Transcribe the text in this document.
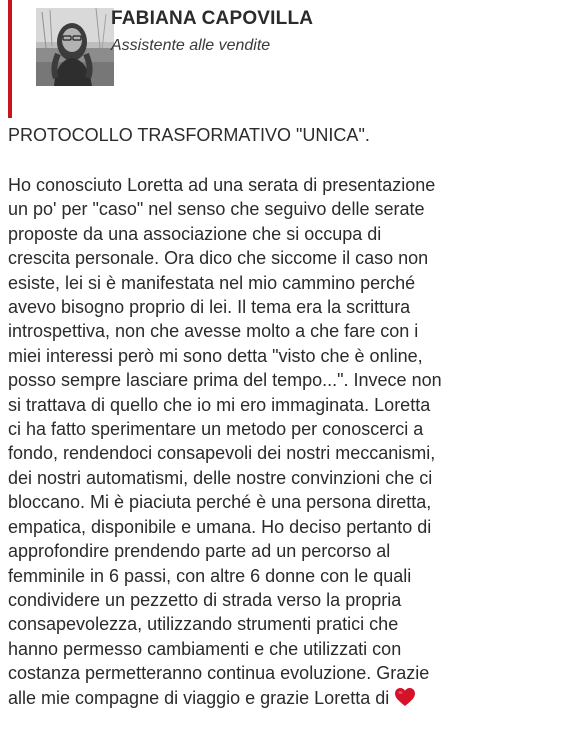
FABIANA CAPOVILLA
Assistente alle vendite
PROTOCOLLO TRASFORMATIVO "UNICA".
Ho conosciuto Loretta ad una serata di presentazione
un po' per "caso" nel senso che seguivo delle serate
proposte da una associazione che si occupa di
crescita personale. Ora dico che siccome il caso non
esiste, lei si è manifestata nel mio cammino perché
avevo bisogno proprio di lei. Il tema era la scrittura
introspettiva, non che avesse molto a che fare con i
miei interessi però mi sono detta "visto che è online,
posso sempre lasciare prima del tempo...". Invece non
si trattava di quello che io mi ero immaginata. Loretta
ci ha fatto sperimentare un metodo per conoscerci a
fondo, rendendoci consapevoli dei nostri meccanismi,
dei nostri automatismi, delle nostre convinzioni che ci
bloccano. Mi è piaciuta perché è una persona diretta,
empatica, disponibile e umana. Ho deciso pertanto di
approfondire prendendo parte ad un percorso al
femminile in 6 passi, con altre 6 donne con le quali
condividere un pezzetto di strada verso la propria
consapevolezza, utilizzando strumenti pratici che
hanno permesso cambiamenti e che utilizzati con
costanza permetteranno continua evoluzione. Grazie
alle mie compagne di viaggio e grazie Loretta di
